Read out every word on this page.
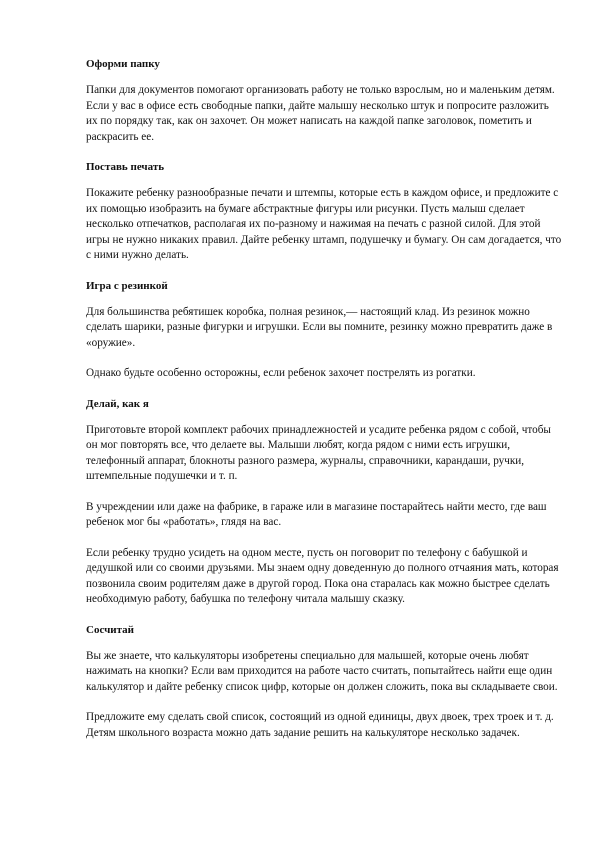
Оформи папку

Папки для документов помогают организовать работу не только взрослым, но и маленьким детям. Если у вас в офисе есть свободные папки, дайте малышу несколько штук и попросите разложить их по порядку так, как он захочет. Он может написать на каждой папке заголовок, пометить и раскрасить ее.

Поставь печать

Покажите ребенку разнообразные печати и штемпы, которые есть в каждом офисе, и предложите с их помощью изобразить на бумаге абстрактные фигуры или рисунки. Пусть малыш сделает несколько отпечатков, располагая их по-разному и нажимая на печать с разной силой. Для этой игры не нужно никаких правил. Дайте ребенку штамп, подушечку и бумагу. Он сам догадается, что с ними нужно делать.

Игра с резинкой

Для большинства ребятишек коробка, полная резинок,— настоящий клад. Из резинок можно сделать шарики, разные фигурки и игрушки. Если вы помните, резинку можно превратить даже в «оружие».

Однако будьте особенно осторожны, если ребенок захочет пострелять из рогатки.

Делай, как я

Приготовьте второй комплект рабочих принадлежностей и усадите ребенка рядом с собой, чтобы он мог повторять все, что делаете вы. Малыши любят, когда рядом с ними есть игрушки, телефонный аппарат, блокноты разного размера, журналы, справочники, карандаши, ручки, штемпельные подушечки и т. п.

В учреждении или даже на фабрике, в гараже или в магазине постарайтесь найти место, где ваш ребенок мог бы «работать», глядя на вас.

Если ребенку трудно усидеть на одном месте, пусть он поговорит по телефону с бабушкой и дедушкой или со своими друзьями. Мы знаем одну доведенную до полного отчаяния мать, которая позвонила своим родителям даже в другой город. Пока она старалась как можно быстрее сделать необходимую работу, бабушка по телефону читала малышу сказку.

Сосчитай

Вы же знаете, что калькуляторы изобретены специально для малышей, которые очень любят нажимать на кнопки? Если вам приходится на работе часто считать, попытайтесь найти еще один калькулятор и дайте ребенку список цифр, которые он должен сложить, пока вы складываете свои.

Предложите ему сделать свой список, состоящий из одной единицы, двух двоек, трех троек и т. д. Детям школьного возраста можно дать задание решить на калькуляторе несколько задачек.
